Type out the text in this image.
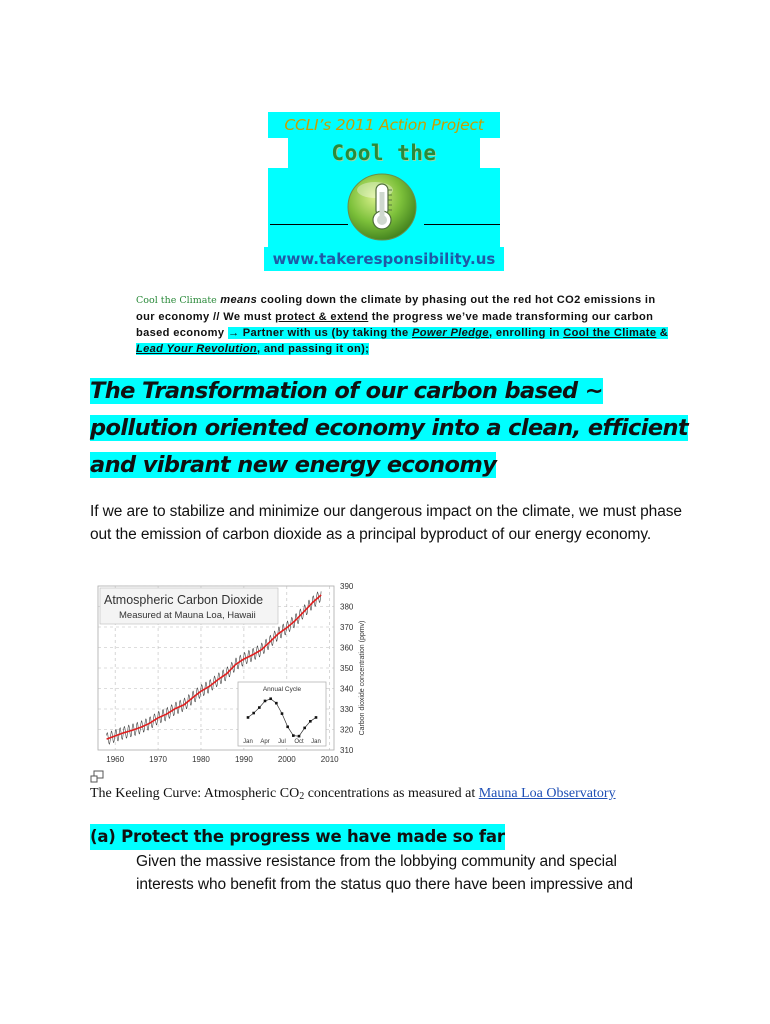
CCLI’s 2011 Action Project
Cool the
www.takeresponsibility.us
Cool the Climate means cooling down the climate by phasing out the red hot CO2 emissions in our economy // We must protect & extend the progress we’ve made transforming our carbon based economy → Partner with us (by taking the Power Pledge, enrolling in Cool the Climate & Lead Your Revolution, and passing it on);
The Transformation of our carbon based ~
pollution oriented economy into a clean, efficient
and vibrant new energy economy
If we are to stabilize and minimize our dangerous impact on the climate, we must phase out the emission of carbon dioxide as a principal byproduct of our energy economy.
1960	1970	1980	1990	2000	2010
310
320
330
340
350
360
370
380
390
Carbon dioxide concentration (ppmv)
Atmospheric Carbon Dioxide
Measured at Mauna Loa, Hawaii
Annual Cycle
Jan Apr Jul Oct Jan
The Keeling Curve: Atmospheric $CO_2$ concentrations as measured at Mauna Loa Observatory
(a) Protect the progress we have made so far
Given the massive resistance from the lobbying community and special interests who benefit from the status quo there have been impressive and
